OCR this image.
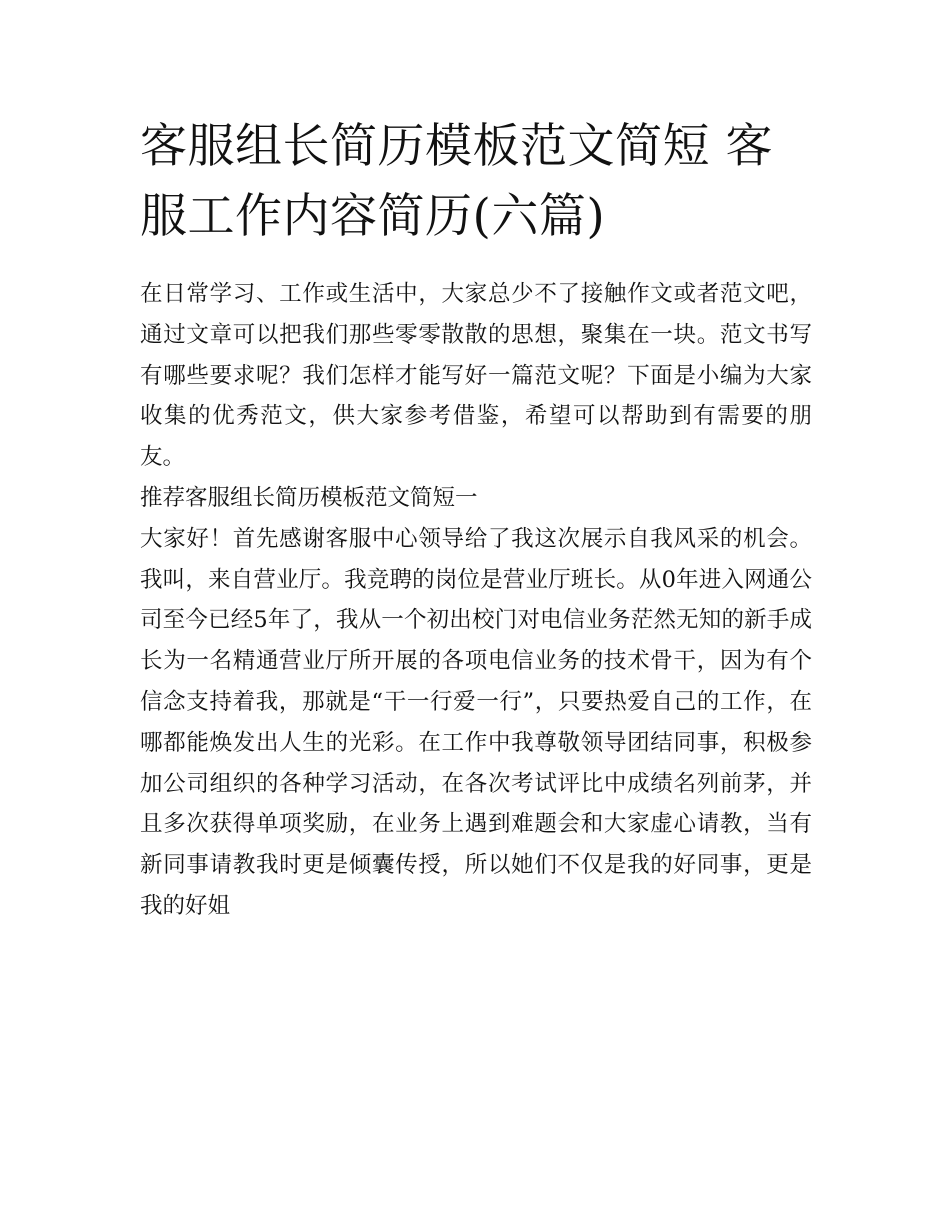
客服组长简历模板范文简短 客服工作内容简历(六篇)

在日常学习、工作或生活中，大家总少不了接触作文或者范文吧，通过文章可以把我们那些零零散散的思想，聚集在一块。范文书写有哪些要求呢？我们怎样才能写好一篇范文呢？下面是小编为大家收集的优秀范文，供大家参考借鉴，希望可以帮助到有需要的朋友。

推荐客服组长简历模板范文简短一

大家好！首先感谢客服中心领导给了我这次展示自我风采的机会。我叫，来自营业厅。我竞聘的岗位是营业厅班长。从0年进入网通公司至今已经5年了，我从一个初出校门对电信业务茫然无知的新手成长为一名精通营业厅所开展的各项电信业务的技术骨干，因为有个信念支持着我，那就是“干一行爱一行”，只要热爱自己的工作，在哪都能焕发出人生的光彩。在工作中我尊敬领导团结同事，积极参加公司组织的各种学习活动，在各次考试评比中成绩名列前茅，并且多次获得单项奖励，在业务上遇到难题会和大家虚心请教，当有新同事请教我时更是倾囊传授，所以她们不仅是我的好同事，更是我的好姐
